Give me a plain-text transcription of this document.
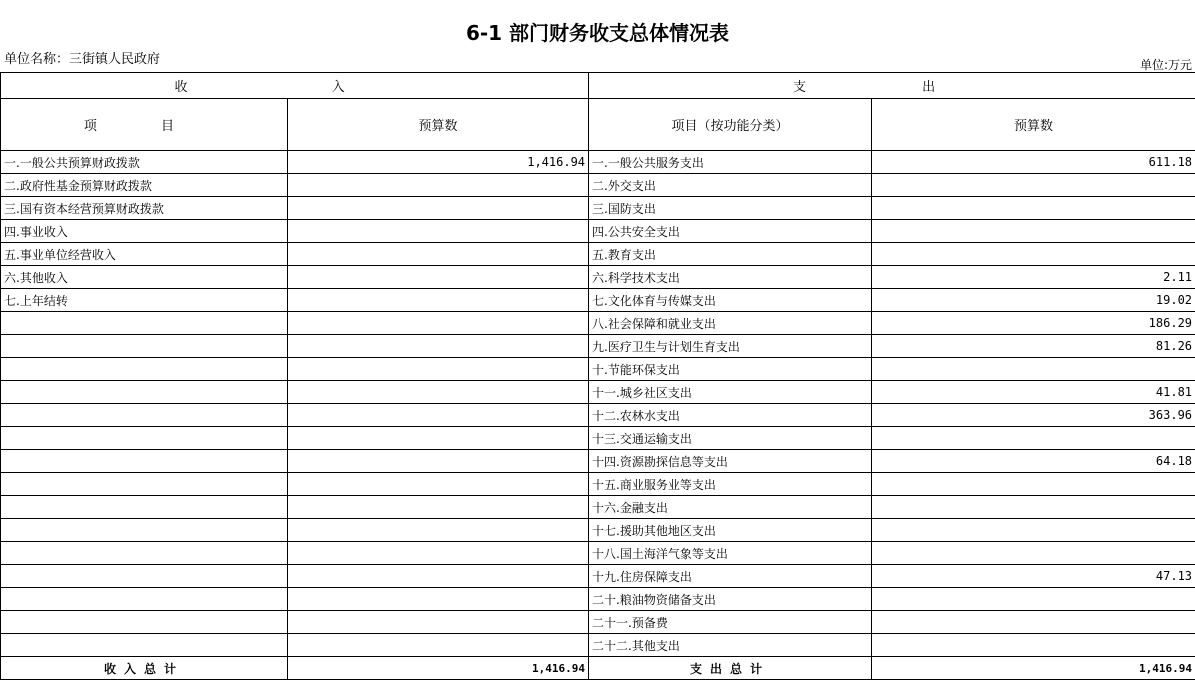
6-1 部门财务收支总体情况表
单位名称：三街镇人民政府	单位:万元
收 入		支 出	
项 目	预算数	项目（按功能分类）	预算数
一.一般公共预算财政拨款	1,416.94	一.一般公共服务支出	611.18
二.政府性基金预算财政拨款		二.外交支出	
三.国有资本经营预算财政拨款		三.国防支出	
四.事业收入		四.公共安全支出	
五.事业单位经营收入		五.教育支出	
六.其他收入		六.科学技术支出	2.11
七.上年结转		七.文化体育与传媒支出	19.02
		八.社会保障和就业支出	186.29
		九.医疗卫生与计划生育支出	81.26
		十.节能环保支出	
		十一.城乡社区支出	41.81
		十二.农林水支出	363.96
		十三.交通运输支出	
		十四.资源勘探信息等支出	64.18
		十五.商业服务业等支出	
		十六.金融支出	
		十七.援助其他地区支出	
		十八.国土海洋气象等支出	
		十九.住房保障支出	47.13
		二十.粮油物资储备支出	
		二十一.预备费	
		二十二.其他支出	
收入总计	1,416.94	支出总计	1,416.94
